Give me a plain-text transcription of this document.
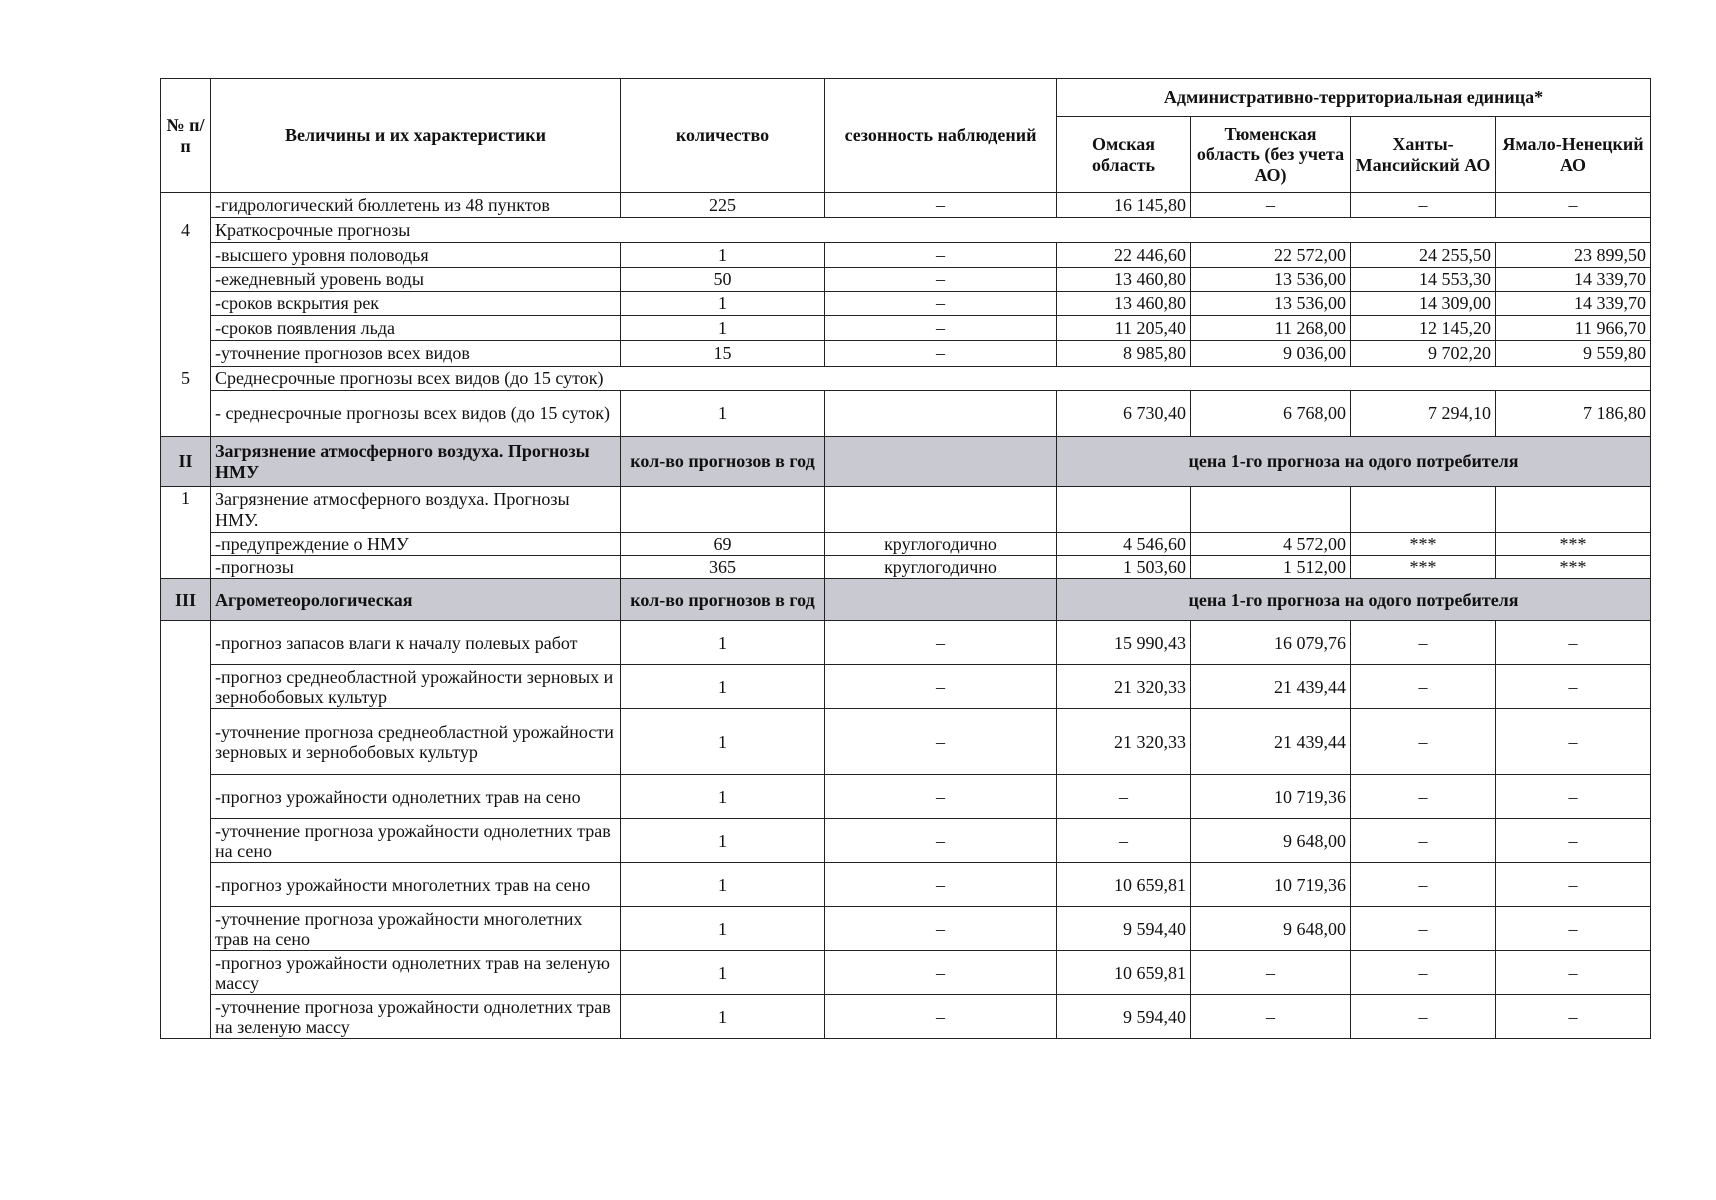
№ п/п	Величины и их характеристики	количество	сезонность наблюдений	Административно-территориальная единица*			
				Омская область	Тюменская область (без учета АО)	Ханты-Мансийский АО	Ямало-Ненецкий АО
	-гидрологический бюллетень из 48 пунктов	225	–	16 145,80	–	–	–
4	Краткосрочные прогнозы						
	-высшего уровня половодья	1	–	22 446,60	22 572,00	24 255,50	23 899,50
	-ежедневный уровень воды	50	–	13 460,80	13 536,00	14 553,30	14 339,70
	-сроков вскрытия рек	1	–	13 460,80	13 536,00	14 309,00	14 339,70
	-сроков появления льда	1	–	11 205,40	11 268,00	12 145,20	11 966,70
	-уточнение прогнозов всех видов	15	–	8 985,80	9 036,00	9 702,20	9 559,80
5	Среднесрочные прогнозы всех видов (до 15 суток)						
	- среднесрочные прогнозы всех видов (до 15 суток)	1		6 730,40	6 768,00	7 294,10	7 186,80
II	Загрязнение атмосферного воздуха. Прогнозы НМУ	кол-во прогнозов в год		цена 1-го прогноза на одого потребителя			
1	Загрязнение атмосферного воздуха. Прогнозы НМУ.						
	-предупреждение о НМУ	69	круглогодично	4 546,60	4 572,00	***	***
	-прогнозы	365	круглогодично	1 503,60	1 512,00	***	***
III	Агрометеорологическая	кол-во прогнозов в год		цена 1-го прогноза на одого потребителя			
	-прогноз запасов влаги к началу полевых работ	1	–	15 990,43	16 079,76	–	–
	-прогноз среднеобластной урожайности зерновых и зернобобовых культур	1	–	21 320,33	21 439,44	–	–
	-уточнение прогноза среднеобластной урожайности зерновых и зернобобовых культур	1	–	21 320,33	21 439,44	–	–
	-прогноз урожайности однолетних трав на сено	1	–	–	10 719,36	–	–
	-уточнение прогноза урожайности однолетних трав на сено	1	–	–	9 648,00	–	–
	-прогноз урожайности многолетних трав на сено	1	–	10 659,81	10 719,36	–	–
	-уточнение прогноза урожайности многолетних трав на сено	1	–	9 594,40	9 648,00	–	–
	-прогноз урожайности однолетних трав на зеленую массу	1	–	10 659,81	–	–	–
	-уточнение прогноза урожайности однолетних трав на зеленую массу	1	–	9 594,40	–	–	–
